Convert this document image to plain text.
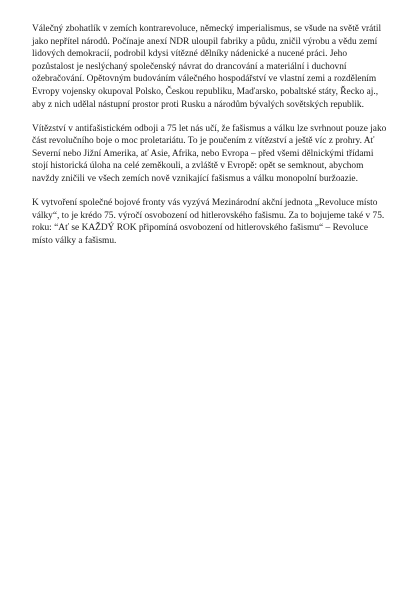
Válečný zbohatlík v zemích kontrarevoluce, německý imperialismus, se všude na světě vrátil jako nepřítel národů. Počínaje anexí NDR uloupil fabriky a půdu, zničil výrobu a vědu zemí lidových demokracií, podrobil kdysi vítězné dělníky nádenické a nucené práci. Jeho pozůstalost je neslýchaný společenský návrat do drancování a materiální i duchovní ožebračování. Opětovným budováním válečného hospodářství ve vlastní zemi a rozdělením Evropy vojensky okupoval Polsko, Českou republiku, Maďarsko, pobaltské státy, Řecko aj., aby z nich udělal nástupní prostor proti Rusku a národům bývalých sovětských republik.

Vítězství v antifašistickém odboji a 75 let nás učí, že fašismus a válku lze svrhnout pouze jako část revolučního boje o moc proletariátu. To je poučením z vítězství a ještě víc z prohry. Ať Severní nebo Jižní Amerika, ať Asie, Afrika, nebo Evropa – před všemi dělnickými třídami stojí historická úloha na celé zeměkouli, a zvláště v Evropě: opět se semknout, abychom navždy zničili ve všech zemích nově vznikající fašismus a válku monopolní buržoazie.

K vytvoření společné bojové fronty vás vyzývá Mezinárodní akční jednota „Revoluce místo války“, to je krédo 75. výročí osvobození od hitlerovského fašismu. Za to bojujeme také v 75. roku: “Ať se KAŽDÝ ROK připomíná osvobození od hitlerovského fašismu“ – Revoluce místo války a fašismu.
